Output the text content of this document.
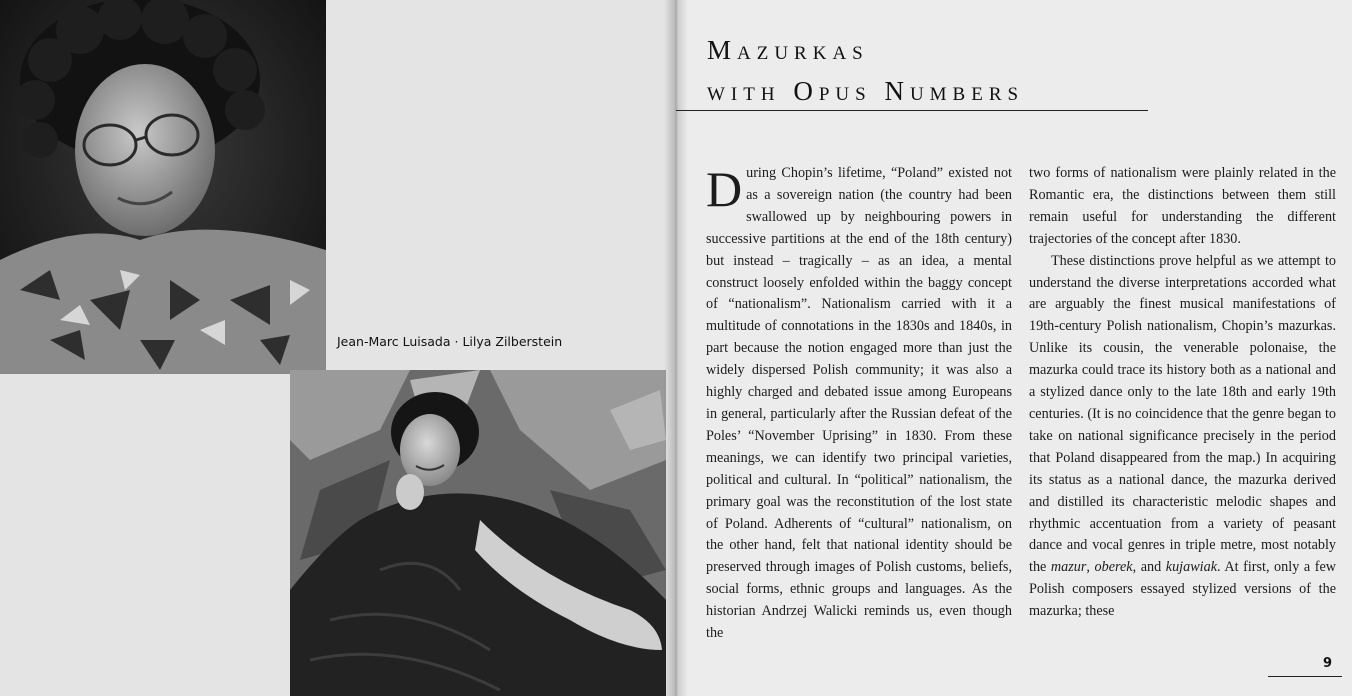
Jean-Marc Luisada · Lilya Zilberstein
Mazurkas
with Opus Numbers

During Chopin’s lifetime, “Poland” existed not as a sovereign nation (the country had been swallowed up by neighbouring powers in successive partitions at the end of the 18th century) but instead – tragically – as an idea, a mental construct loosely enfolded within the baggy concept of “nationalism”. Nationalism carried with it a multitude of connotations in the 1830s and 1840s, in part because the notion engaged more than just the widely dispersed Polish community; it was also a highly charged and debated issue among Europeans in general, particularly after the Russian defeat of the Poles’ “November Uprising” in 1830. From these meanings, we can identify two principal varieties, political and cultural. In “political” nationalism, the primary goal was the reconstitution of the lost state of Poland. Adherents of “cultural” nationalism, on the other hand, felt that national identity should be preserved through images of Polish customs, beliefs, social forms, ethnic groups and languages. As the historian Andrzej Walicki reminds us, even though the

two forms of nationalism were plainly related in the Romantic era, the distinctions between them still remain useful for understanding the different trajectories of the concept after 1830.

These distinctions prove helpful as we attempt to understand the diverse interpretations accorded what are arguably the finest musical manifestations of 19th-century Polish nationalism, Chopin’s mazurkas. Unlike its cousin, the venerable polonaise, the mazurka could trace its history both as a national and a stylized dance only to the late 18th and early 19th centuries. (It is no coincidence that the genre began to take on national significance precisely in the period that Poland disappeared from the map.) In acquiring its status as a national dance, the mazurka derived and distilled its characteristic melodic shapes and rhythmic accentuation from a variety of peasant dance and vocal genres in triple metre, most notably the mazur, oberek, and kujawiak. At first, only a few Polish composers essayed stylized versions of the mazurka; these

9
